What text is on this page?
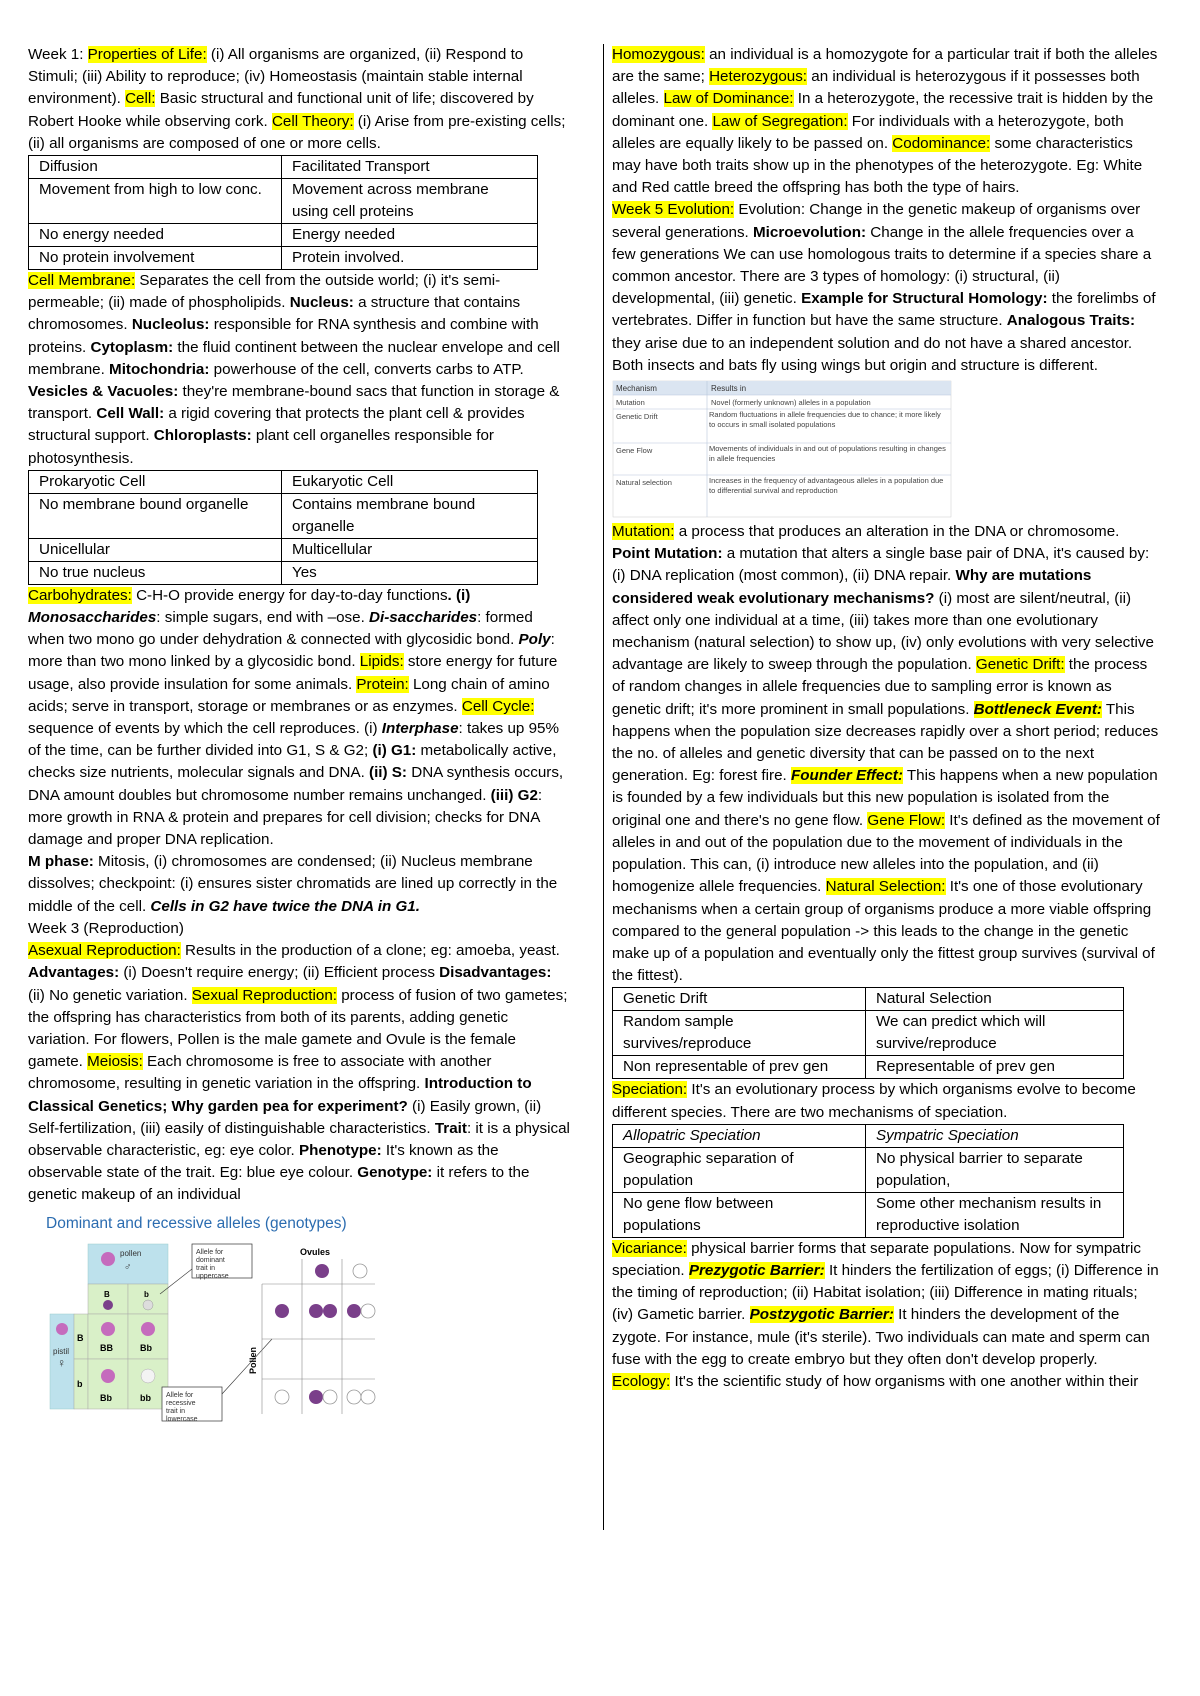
Week 1: Properties of Life: (i) All organisms are organized, (ii) Respond to Stimuli; (iii) Ability to reproduce; (iv) Homeostasis (maintain stable internal environment). Cell: Basic structural and functional unit of life; discovered by Robert Hooke while observing cork. Cell Theory: (i) Arise from pre-existing cells; (ii) all organisms are composed of one or more cells.

Diffusion	Facilitated Transport
Movement from high to low conc.	Movement across membrane using cell proteins
No energy needed	Energy needed
No protein involvement	Protein involved.

Cell Membrane: Separates the cell from the outside world; (i) it's semi-permeable; (ii) made of phospholipids. Nucleus: a structure that contains chromosomes. Nucleolus: responsible for RNA synthesis and combine with proteins. Cytoplasm: the fluid continent between the nuclear envelope and cell membrane. Mitochondria: powerhouse of the cell, converts carbs to ATP. Vesicles & Vacuoles: they're membrane-bound sacs that function in storage & transport. Cell Wall: a rigid covering that protects the plant cell & provides structural support. Chloroplasts: plant cell organelles responsible for photosynthesis.

Prokaryotic Cell	Eukaryotic Cell
No membrane bound organelle	Contains membrane bound organelle
Unicellular	Multicellular
No true nucleus	Yes

Carbohydrates: C-H-O provide energy for day-to-day functions. (i) Monosaccharides: simple sugars, end with –ose. Di-saccharides: formed when two mono go under dehydration & connected with glycosidic bond. Poly: more than two mono linked by a glycosidic bond. Lipids: store energy for future usage, also provide insulation for some animals. Protein: Long chain of amino acids; serve in transport, storage or membranes or as enzymes. Cell Cycle: sequence of events by which the cell reproduces. (i) Interphase: takes up 95% of the time, can be further divided into G1, S & G2; (i) G1: metabolically active, checks size nutrients, molecular signals and DNA. (ii) S: DNA synthesis occurs, DNA amount doubles but chromosome number remains unchanged. (iii) G2: more growth in RNA & protein and prepares for cell division; checks for DNA damage and proper DNA replication.

M phase: Mitosis, (i) chromosomes are condensed; (ii) Nucleus membrane dissolves; checkpoint: (i) ensures sister chromatids are lined up correctly in the middle of the cell. Cells in G2 have twice the DNA in G1.

Week 3 (Reproduction)

Asexual Reproduction: Results in the production of a clone; eg: amoeba, yeast. Advantages: (i) Doesn't require energy; (ii) Efficient process Disadvantages: (ii) No genetic variation. Sexual Reproduction: process of fusion of two gametes; the offspring has characteristics from both of its parents, adding genetic variation. For flowers, Pollen is the male gamete and Ovule is the female gamete. Meiosis: Each chromosome is free to associate with another chromosome, resulting in genetic variation in the offspring. Introduction to Classical Genetics; Why garden pea for experiment? (i) Easily grown, (ii) Self-fertilization, (iii) easily of distinguishable characteristics. Trait: it is a physical observable characteristic, eg: eye color. Phenotype: It's known as the observable state of the trait. Eg: blue eye colour. Genotype: it refers to the genetic makeup of an individual

Dominant and recessive alleles (genotypes)
pistil
♀
B
b
pollen
♂
B	b
BB	Bb
Bb	bb
Allele for dominant trait in uppercase
Allele for recessive trait in lowercase
Ovules
Pollen

Homozygous: an individual is a homozygote for a particular trait if both the alleles are the same; Heterozygous: an individual is heterozygous if it possesses both alleles. Law of Dominance: In a heterozygote, the recessive trait is hidden by the dominant one. Law of Segregation: For individuals with a heterozygote, both alleles are equally likely to be passed on. Codominance: some characteristics may have both traits show up in the phenotypes of the heterozygote. Eg: White and Red cattle breed the offspring has both the type of hairs.

Week 5 Evolution: Evolution: Change in the genetic makeup of organisms over several generations. Microevolution: Change in the allele frequencies over a few generations We can use homologous traits to determine if a species share a common ancestor. There are 3 types of homology: (i) structural, (ii) developmental, (iii) genetic. Example for Structural Homology: the forelimbs of vertebrates. Differ in function but have the same structure. Analogous Traits: they arise due to an independent solution and do not have a shared ancestor. Both insects and bats fly using wings but origin and structure is different.

Mechanism	Results in
Mutation	Novel (formerly unknown) alleles in a population
Genetic Drift	Random fluctuations in allele frequencies due to chance; it more likely to occurs in small isolated populations
Gene Flow	Movements of individuals in and out of populations resulting in changes in allele frequencies
Natural selection	Increases in the frequency of advantageous alleles in a population due to differential survival and reproduction

Mutation: a process that produces an alteration in the DNA or chromosome. Point Mutation: a mutation that alters a single base pair of DNA, it's caused by: (i) DNA replication (most common), (ii) DNA repair. Why are mutations considered weak evolutionary mechanisms? (i) most are silent/neutral, (ii) affect only one individual at a time, (iii) takes more than one evolutionary mechanism (natural selection) to show up, (iv) only evolutions with very selective advantage are likely to sweep through the population. Genetic Drift: the process of random changes in allele frequencies due to sampling error is known as genetic drift; it's more prominent in small populations. Bottleneck Event: This happens when the population size decreases rapidly over a short period; reduces the no. of alleles and genetic diversity that can be passed on to the next generation. Eg: forest fire. Founder Effect: This happens when a new population is founded by a few individuals but this new population is isolated from the original one and there's no gene flow. Gene Flow: It's defined as the movement of alleles in and out of the population due to the movement of individuals in the population. This can, (i) introduce new alleles into the population, and (ii) homogenize allele frequencies. Natural Selection: It's one of those evolutionary mechanisms when a certain group of organisms produce a more viable offspring compared to the general population -> this leads to the change in the genetic make up of a population and eventually only the fittest group survives (survival of the fittest).

Genetic Drift	Natural Selection
Random sample survives/reproduce	We can predict which will survive/reproduce
Non representable of prev gen	Representable of prev gen

Speciation: It's an evolutionary process by which organisms evolve to become different species. There are two mechanisms of speciation.

Allopatric Speciation	Sympatric Speciation
Geographic separation of population	No physical barrier to separate population,
No gene flow between populations	Some other mechanism results in reproductive isolation

Vicariance: physical barrier forms that separate populations. Now for sympatric speciation. Prezygotic Barrier: It hinders the fertilization of eggs; (i) Difference in the timing of reproduction; (ii) Habitat isolation; (iii) Difference in mating rituals; (iv) Gametic barrier. Postzygotic Barrier: It hinders the development of the zygote. For instance, mule (it's sterile). Two individuals can mate and sperm can fuse with the egg to create embryo but they often don't develop properly. Ecology: It's the scientific study of how organisms with one another within their
